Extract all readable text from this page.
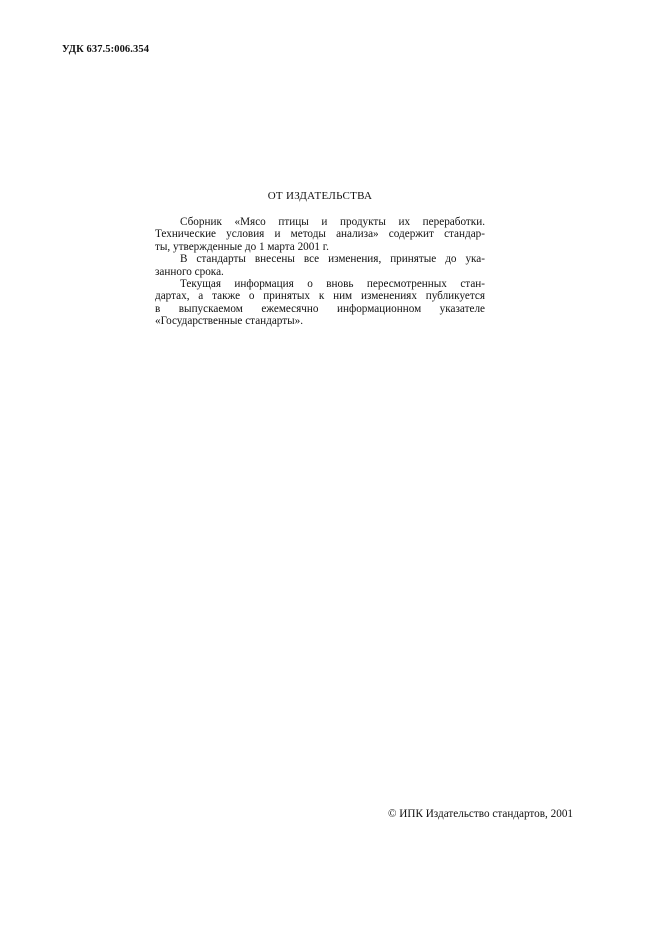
УДК 637.5:006.354
ОТ ИЗДАТЕЛЬСТВА
Сборник «Мясо птицы и продукты их переработки.
Технические условия и методы анализа» содержит стандар-
ты, утвержденные до 1 марта 2001 г.
В стандарты внесены все изменения, принятые до ука-
занного срока.
Текущая информация о вновь пересмотренных стан-
дартах, а также о принятых к ним изменениях публикуется
в выпускаемом ежемесячно информационном указателе
«Государственные стандарты».
© ИПК Издательство стандартов, 2001
